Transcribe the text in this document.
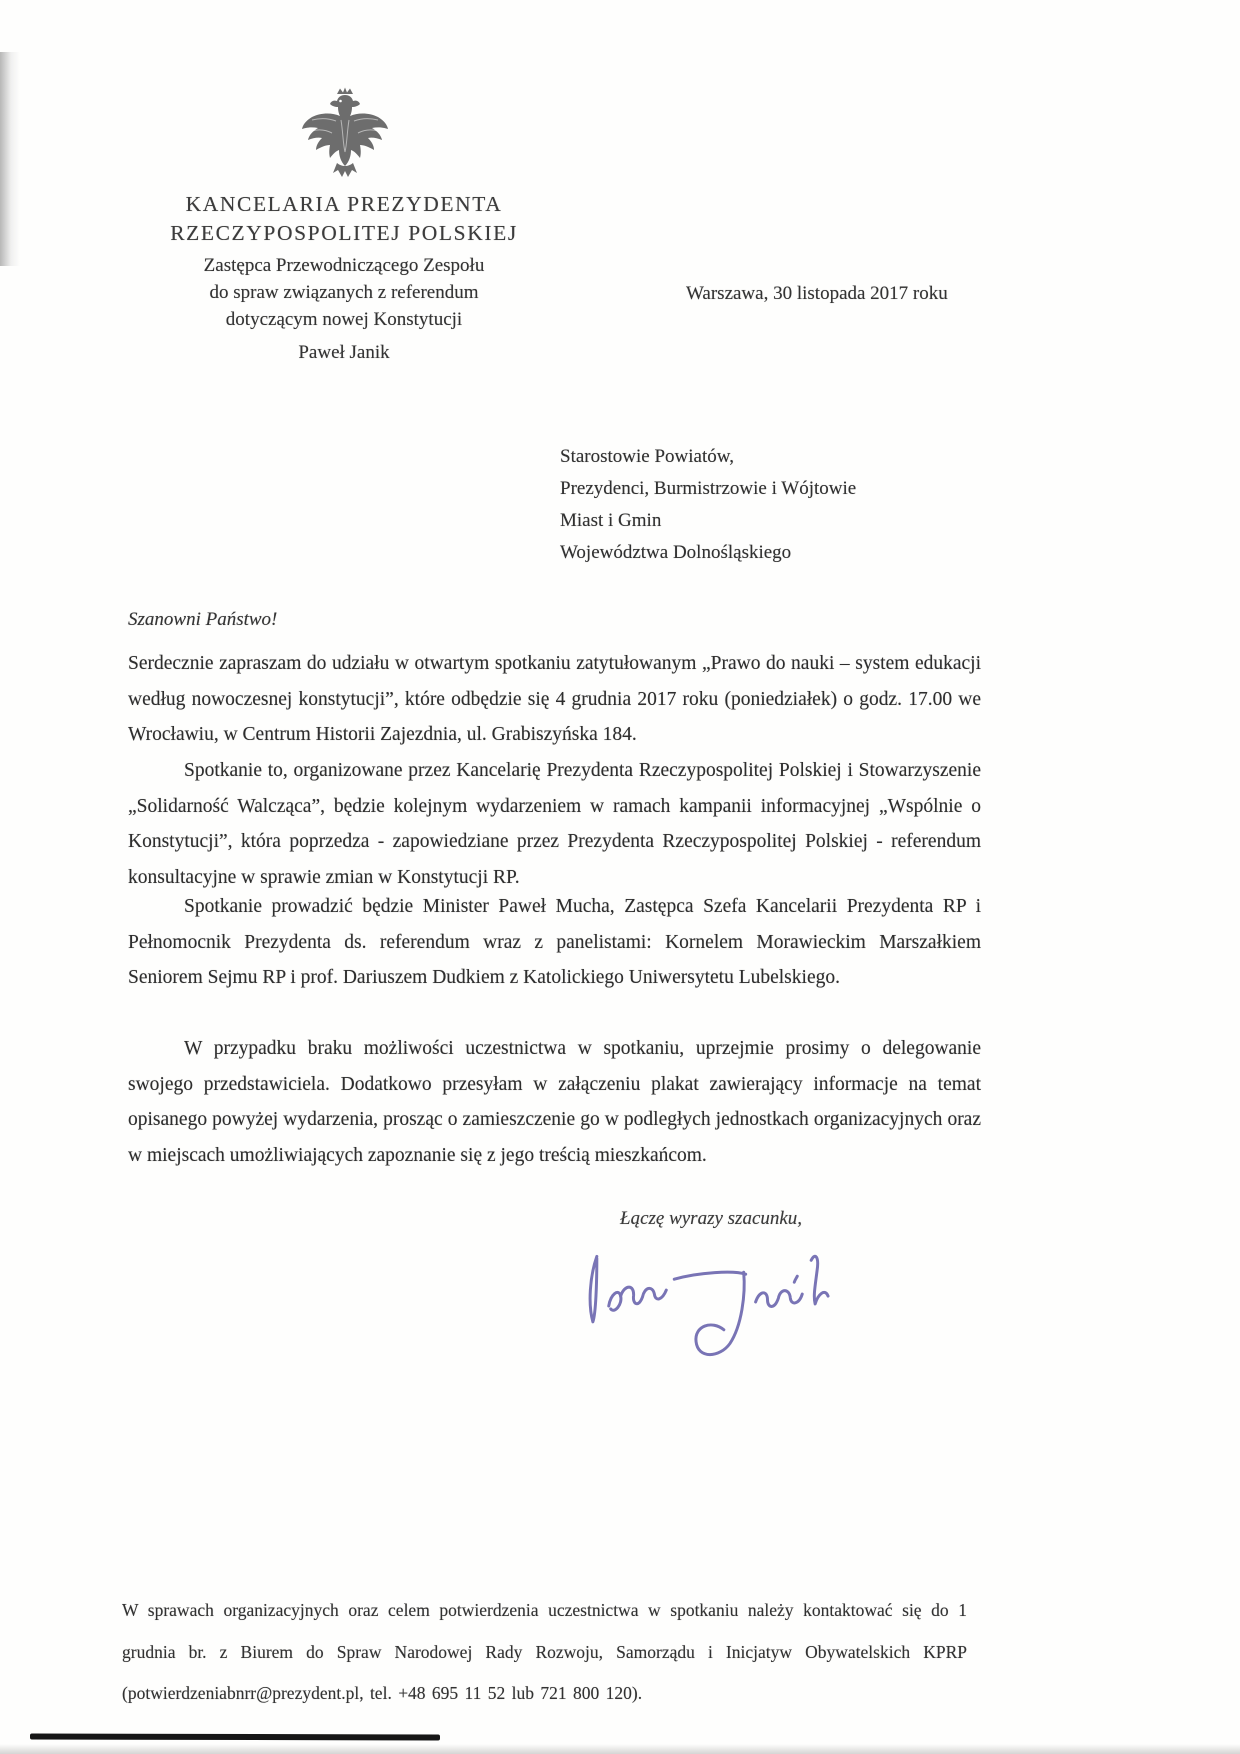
KANCELARIA PREZYDENTA
RZECZYPOSPOLITEJ POLSKIEJ
Zastępca Przewodniczącego Zespołu
do spraw związanych z referendum
dotyczącym nowej Konstytucji
Paweł Janik
Warszawa, 30 listopada 2017 roku
Starostowie Powiatów,
Prezydenci, Burmistrzowie i Wójtowie
Miast i Gmin
Województwa Dolnośląskiego
Szanowni Państwo!

Serdecznie zapraszam do udziału w otwartym spotkaniu zatytułowanym „Prawo do nauki – system edukacji według nowoczesnej konstytucji”, które odbędzie się 4 grudnia 2017 roku (poniedziałek) o godz. 17.00 we Wrocławiu, w Centrum Historii Zajezdnia, ul. Grabiszyńska 184.

Spotkanie to, organizowane przez Kancelarię Prezydenta Rzeczypospolitej Polskiej i Stowarzyszenie „Solidarność Walcząca”, będzie kolejnym wydarzeniem w ramach kampanii informacyjnej „Wspólnie o Konstytucji”, która poprzedza - zapowiedziane przez Prezydenta Rzeczypospolitej Polskiej - referendum konsultacyjne w sprawie zmian w Konstytucji RP.

Spotkanie prowadzić będzie Minister Paweł Mucha, Zastępca Szefa Kancelarii Prezydenta RP i Pełnomocnik Prezydenta ds. referendum wraz z panelistami: Kornelem Morawieckim Marszałkiem Seniorem Sejmu RP i prof. Dariuszem Dudkiem z Katolickiego Uniwersytetu Lubelskiego.

W przypadku braku możliwości uczestnictwa w spotkaniu, uprzejmie prosimy o delegowanie swojego przedstawiciela. Dodatkowo przesyłam w załączeniu plakat zawierający informacje na temat opisanego powyżej wydarzenia, prosząc o zamieszczenie go w podległych jednostkach organizacyjnych oraz w miejscach umożliwiających zapoznanie się z jego treścią mieszkańcom.

Łączę wyrazy szacunku,

W sprawach organizacyjnych oraz celem potwierdzenia uczestnictwa w spotkaniu należy kontaktować się do 1 grudnia br. z Biurem do Spraw Narodowej Rady Rozwoju, Samorządu i Inicjatyw Obywatelskich KPRP (potwierdzeniabnrr@prezydent.pl, tel. +48 695 11 52 lub 721 800 120).
